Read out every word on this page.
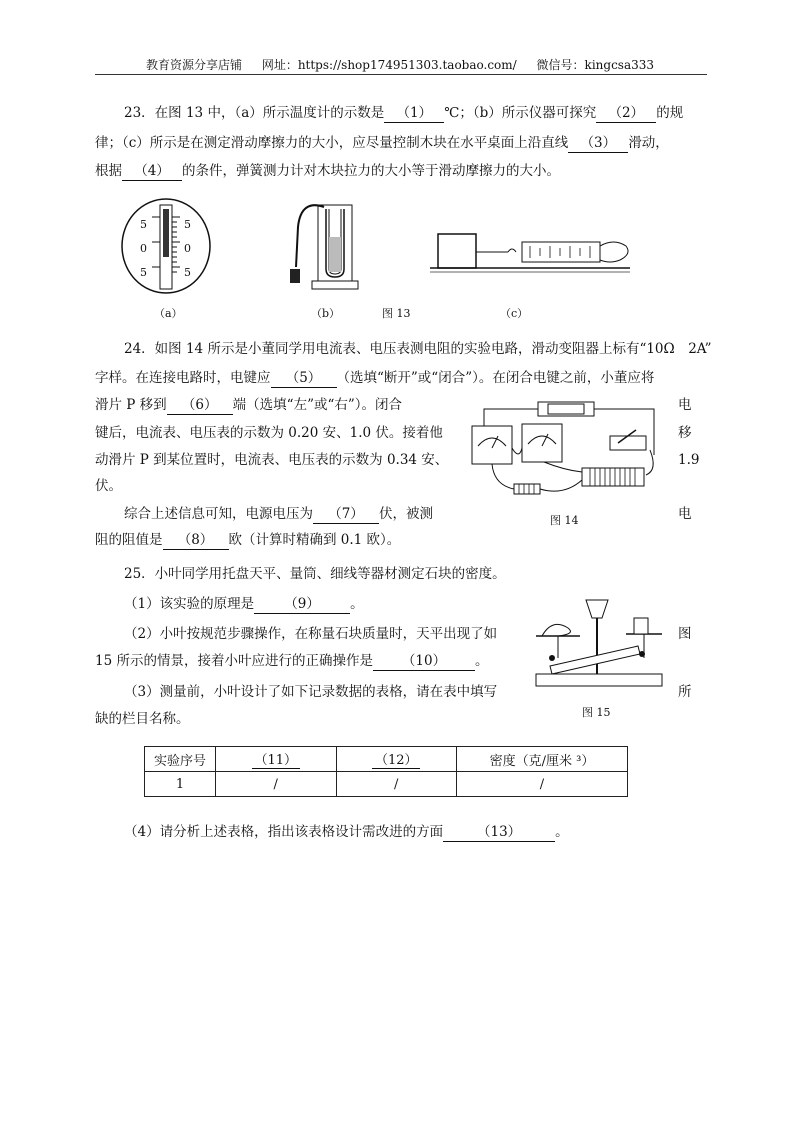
教育资源分享店铺 网址：https://shop174951303.taobao.com/ 微信号：kingcsa333
23．在图 13 中，（a）所示温度计的示数是 （1） ℃；（b）所示仪器可探究 （2） 的规
律；（c）所示是在测定滑动摩擦力的大小，应尽量控制木块在水平桌面上沿直线 （3） 滑动，
根据 （4） 的条件，弹簧测力计对木块拉力的大小等于滑动摩擦力的大小。
5
0
5
5
0
5
（a）	（b）	图 13	（c）
24．如图 14 所示是小董同学用电流表、电压表测电阻的实验电路，滑动变阻器上标有“10Ω　2A”
字样。在连接电路时，电键应 （5） （选填“断开”或“闭合”）。在闭合电键之前，小董应将
滑片 P 移到 （6） 端（选填“左”或“右”）。闭合	电
键后，电流表、电压表的示数为 0.20 安、1.0 伏。接着他	移
动滑片 P 到某位置时，电流表、电压表的示数为 0.34 安、	1.9
伏。
综合上述信息可知，电源电压为 （7） 伏，被测	电
阻的阻值是 （8） 欧（计算时精确到 0.1 欧）。
图 14
25．小叶同学用托盘天平、量筒、细线等器材测定石块的密度。
（1）该实验的原理是 （9） 。
（2）小叶按规范步骤操作，在称量石块质量时，天平出现了如	图
15 所示的情景，接着小叶应进行的正确操作是 （10） 。
（3）测量前，小叶设计了如下记录数据的表格，请在表中填写	所
缺的栏目名称。	图 15
实验序号	（11）	（12）	密度（克/厘米 ³）
1	/	/	/
（4）请分析上述表格，指出该表格设计需改进的方面	（13）	。
